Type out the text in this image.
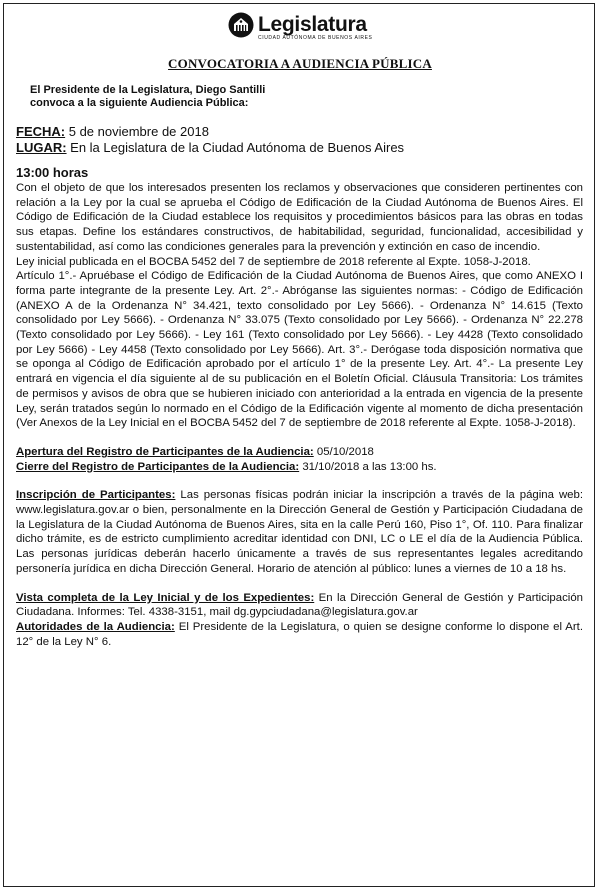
Legislatura
CIUDAD AUTÓNOMA DE BUENOS AIRES
CONVOCATORIA A AUDIENCIA PÚBLICA
El Presidente de la Legislatura, Diego Santilli
convoca a la siguiente Audiencia Pública:

FECHA: 5 de noviembre de 2018

LUGAR: En la Legislatura de la Ciudad Autónoma de Buenos Aires

13:00 horas

Con el objeto de que los interesados presenten los reclamos y observaciones que consideren pertinentes con relación a la Ley por la cual se aprueba el Código de Edificación de la Ciudad Autónoma de Buenos Aires. El Código de Edificación de la Ciudad establece los requisitos y procedimientos básicos para las obras en todas sus etapas. Define los estándares constructivos, de habitabilidad, seguridad, funcionalidad, accesibilidad y sustentabilidad, así como las condiciones generales para la prevención y extinción en caso de incendio.

Ley inicial publicada en el BOCBA 5452 del 7 de septiembre de 2018 referente al Expte. 1058-J-2018.

Artículo 1°.- Apruébase el Código de Edificación de la Ciudad Autónoma de Buenos Aires, que como ANEXO I forma parte integrante de la presente Ley. Art. 2°.- Abróganse las siguientes normas: - Código de Edificación (ANEXO A de la Ordenanza N° 34.421, texto consolidado por Ley 5666). - Ordenanza N° 14.615 (Texto consolidado por Ley 5666). - Ordenanza N° 33.075 (Texto consolidado por Ley 5666). - Ordenanza N° 22.278 (Texto consolidado por Ley 5666). - Ley 161 (Texto consolidado por Ley 5666). - Ley 4428 (Texto consolidado por Ley 5666) - Ley 4458 (Texto consolidado por Ley 5666). Art. 3°.- Derógase toda disposición normativa que se oponga al Código de Edificación aprobado por el artículo 1° de la presente Ley. Art. 4°.- La presente Ley entrará en vigencia el día siguiente al de su publicación en el Boletín Oficial. Cláusula Transitoria: Los trámites de permisos y avisos de obra que se hubieren iniciado con anterioridad a la entrada en vigencia de la presente Ley, serán tratados según lo normado en el Código de la Edificación vigente al momento de dicha presentación (Ver Anexos de la Ley Inicial en el BOCBA 5452 del 7 de septiembre de 2018 referente al Expte. 1058-J-2018).

Apertura del Registro de Participantes de la Audiencia: 05/10/2018

Cierre del Registro de Participantes de la Audiencia: 31/10/2018 a las 13:00 hs.

Inscripción de Participantes: Las personas físicas podrán iniciar la inscripción a través de la página web: www.legislatura.gov.ar o bien, personalmente en la Dirección General de Gestión y Participación Ciudadana de la Legislatura de la Ciudad Autónoma de Buenos Aires, sita en la calle Perú 160, Piso 1°, Of. 110. Para finalizar dicho trámite, es de estricto cumplimiento acreditar identidad con DNI, LC o LE el día de la Audiencia Pública. Las personas jurídicas deberán hacerlo únicamente a través de sus representantes legales acreditando personería jurídica en dicha Dirección General. Horario de atención al público: lunes a viernes de 10 a 18 hs.

Vista completa de la Ley Inicial y de los Expedientes: En la Dirección General de Gestión y Participación Ciudadana. Informes: Tel. 4338-3151, mail dg.gypciudadana@legislatura.gov.ar

Autoridades de la Audiencia: El Presidente de la Legislatura, o quien se designe conforme lo dispone el Art. 12° de la Ley N° 6.
